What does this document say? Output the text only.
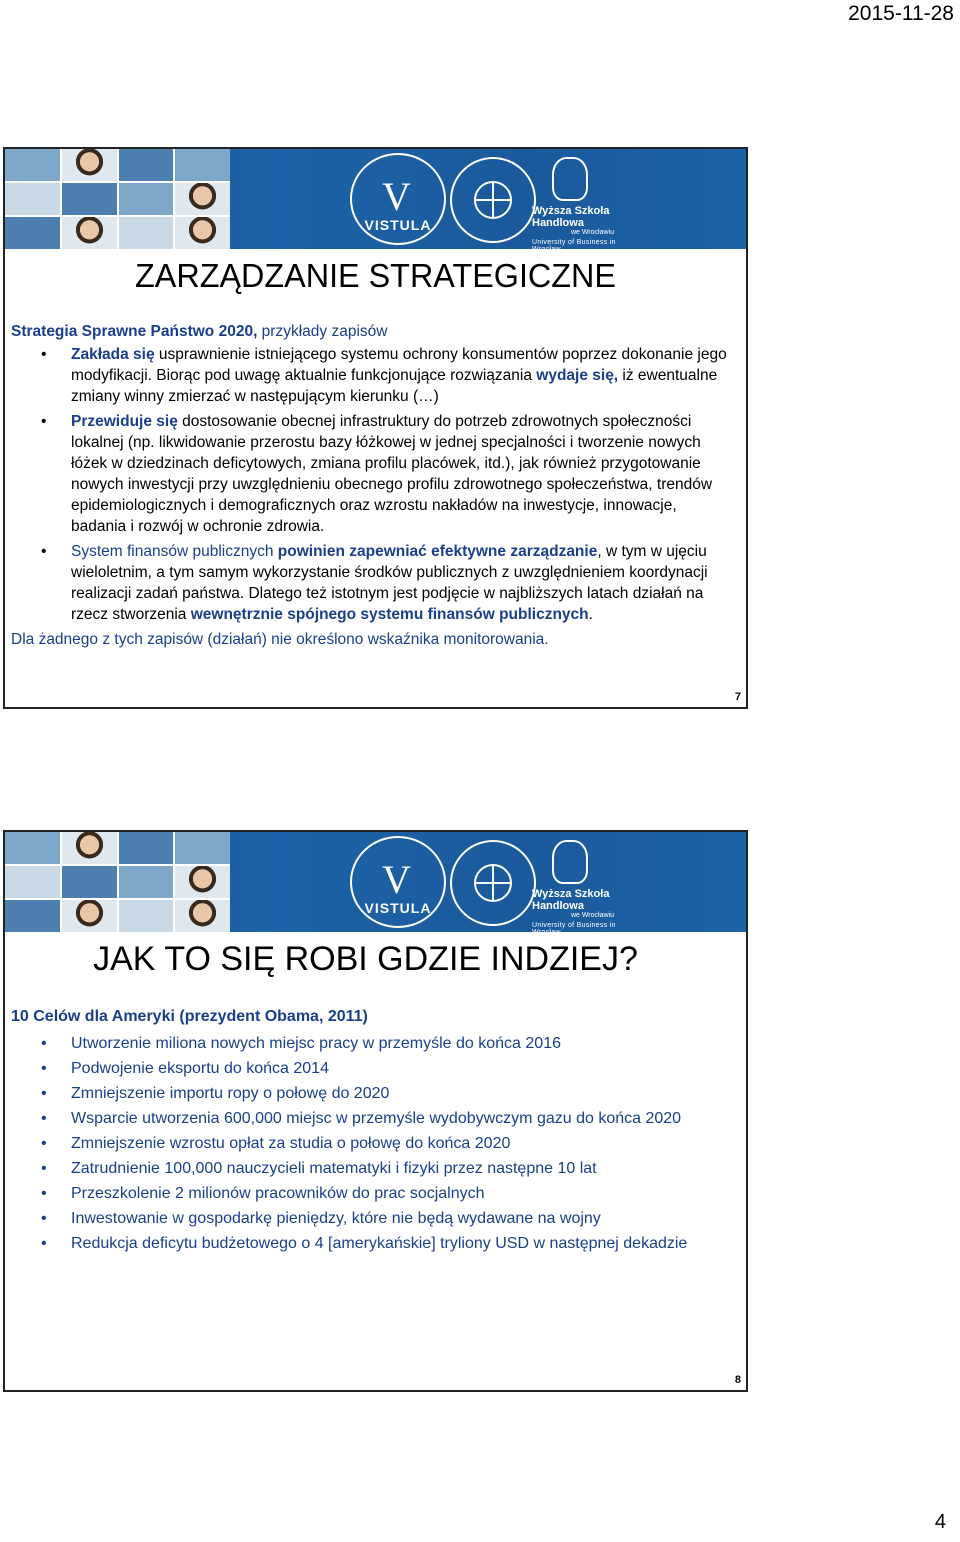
2015-11-28
V
VISTULA
Wyższa Szkoła Handlowa
we Wrocławiu
University of Business in Wrocław
ZARZĄDZANIE STRATEGICZNE
Strategia Sprawne Państwo 2020, przykłady zapisów
• Zakłada się usprawnienie istniejącego systemu ochrony konsumentów poprzez dokonanie jego modyfikacji. Biorąc pod uwagę aktualnie funkcjonujące rozwiązania wydaje się, iż ewentualne zmiany winny zmierzać w następującym kierunku (…)
• Przewiduje się dostosowanie obecnej infrastruktury do potrzeb zdrowotnych społeczności lokalnej (np. likwidowanie przerostu bazy łóżkowej w jednej specjalności i tworzenie nowych łóżek w dziedzinach deficytowych, zmiana profilu placówek, itd.), jak również przygotowanie nowych inwestycji przy uwzględnieniu obecnego profilu zdrowotnego społeczeństwa, trendów epidemiologicznych i demograficznych oraz wzrostu nakładów na inwestycje, innowacje, badania i rozwój w ochronie zdrowia.
• System finansów publicznych powinien zapewniać efektywne zarządzanie, w tym w ujęciu wieloletnim, a tym samym wykorzystanie środków publicznych z uwzględnieniem koordynacji realizacji zadań państwa. Dlatego też istotnym jest podjęcie w najbliższych latach działań na rzecz stworzenia wewnętrznie spójnego systemu finansów publicznych.
Dla żadnego z tych zapisów (działań) nie określono wskaźnika monitorowania.
7
V
VISTULA
Wyższa Szkoła Handlowa
we Wrocławiu
University of Business in Wrocław
JAK TO SIĘ ROBI GDZIE INDZIEJ?
10 Celów dla Ameryki (prezydent Obama, 2011)
• Utworzenie miliona nowych miejsc pracy w przemyśle do końca 2016
• Podwojenie eksportu do końca 2014
• Zmniejszenie importu ropy o połowę do 2020
• Wsparcie utworzenia 600,000 miejsc w przemyśle wydobywczym gazu do końca 2020
• Zmniejszenie wzrostu opłat za studia o połowę do końca 2020
• Zatrudnienie 100,000 nauczycieli matematyki i fizyki przez następne 10 lat
• Przeszkolenie 2 milionów pracowników do prac socjalnych
• Inwestowanie w gospodarkę pieniędzy, które nie będą wydawane na wojny
• Redukcja deficytu budżetowego o 4 [amerykańskie] tryliony USD w następnej dekadzie
8
4
